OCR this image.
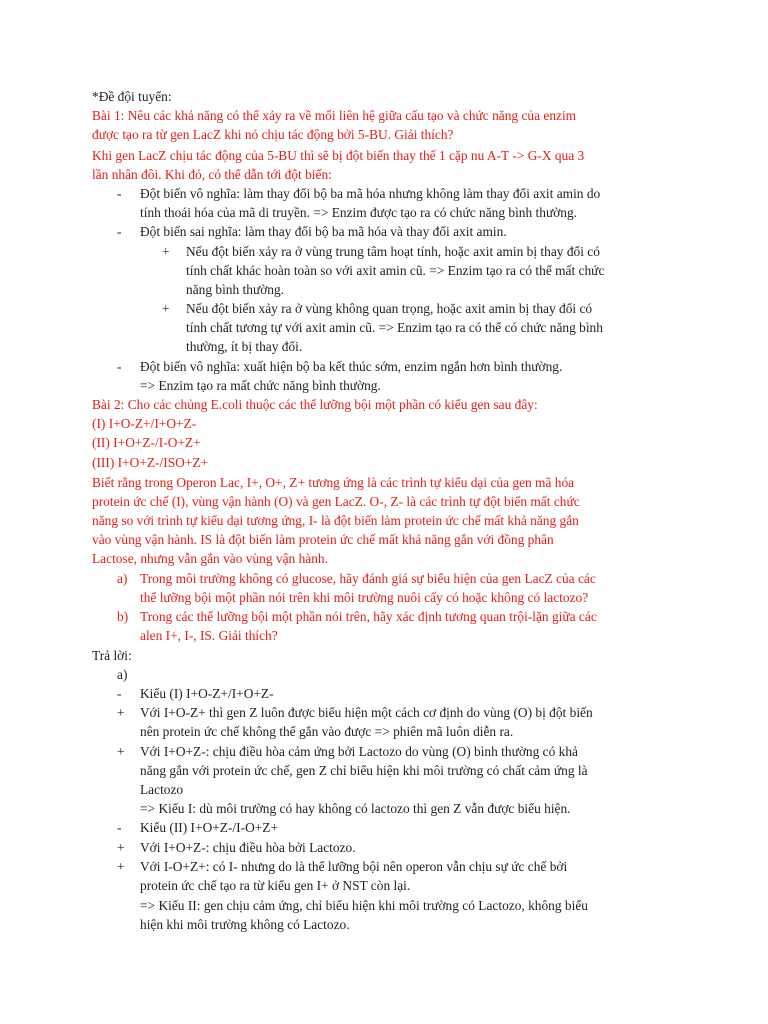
*Đề đội tuyển:
Bài 1: Nêu các khả năng có thể xảy ra về mối liên hệ giữa cấu tạo và chức năng của enzim
được tạo ra từ gen LacZ khi nó chịu tác động bởi 5-BU. Giải thích?
Khi gen LacZ chịu tác động của 5-BU thì sẽ bị đột biến thay thế 1 cặp nu A-T -> G-X qua 3
lần nhân đôi. Khi đó, có thể dẫn tới đột biến:
- Đột biến vô nghĩa: làm thay đổi bộ ba mã hóa nhưng không làm thay đổi axit amin do
tính thoái hóa của mã di truyền. => Enzim được tạo ra có chức năng bình thường.
- Đột biến sai nghĩa: làm thay đổi bộ ba mã hóa và thay đổi axit amin.
+ Nếu đột biến xảy ra ở vùng trung tâm hoạt tính, hoặc axit amin bị thay đổi có
tính chất khác hoàn toàn so với axit amin cũ. => Enzim tạo ra có thể mất chức
năng bình thường.
+ Nếu đột biến xảy ra ở vùng không quan trọng, hoặc axit amin bị thay đổi có
tính chất tương tự với axit amin cũ. => Enzim tạo ra có thể có chức năng bình
thường, ít bị thay đổi.
- Đột biến vô nghĩa: xuất hiện bộ ba kết thúc sớm, enzim ngắn hơn bình thường.
=> Enzim tạo ra mất chức năng bình thường.
Bài 2: Cho các chủng E.coli thuộc các thể lưỡng bội một phần có kiểu gen sau đây:
(I) I+O-Z+/I+O+Z-
(II) I+O+Z-/I-O+Z+
(III) I+O+Z-/ISO+Z+
Biết rằng trong Operon Lac, I+, O+, Z+ tương ứng là các trình tự kiểu dại của gen mã hóa
protein ức chế (I), vùng vận hành (O) và gen LacZ. O-, Z- là các trình tự đột biến mất chức
năng so với trình tự kiểu dại tương ứng, I- là đột biến làm protein ức chế mất khả năng gắn
vào vùng vận hành. IS là đột biến làm protein ức chế mất khả năng gắn với đồng phân
Lactose, nhưng vẫn gắn vào vùng vận hành.
a) Trong môi trường không có glucose, hãy đánh giá sự biểu hiện của gen LacZ của các
thể lưỡng bội một phần nói trên khi môi trường nuôi cấy có hoặc không có lactozo?
b) Trong các thể lưỡng bội một phần nói trên, hãy xác định tương quan trội-lặn giữa các
alen I+, I-, IS. Giải thích?
Trả lời:
a)
- Kiểu (I) I+O-Z+/I+O+Z-
+ Với I+O-Z+ thì gen Z luôn được biểu hiện một cách cơ định do vùng (O) bị đột biến
nên protein ức chế không thể gắn vào được => phiên mã luôn diễn ra.
+ Với I+O+Z-: chịu điều hòa cảm ứng bởi Lactozo do vùng (O) bình thường có khả
năng gắn với protein ức chế, gen Z chỉ biểu hiện khi môi trường có chất cảm ứng là
Lactozo
=> Kiểu I: dù môi trường có hay không có lactozo thì gen Z vẫn được biểu hiện.
- Kiểu (II) I+O+Z-/I-O+Z+
+ Với I+O+Z-: chịu điều hòa bởi Lactozo.
+ Với I-O+Z+: có I- nhưng do là thể lưỡng bội nên operon vẫn chịu sự ức chế bởi
protein ức chế tạo ra từ kiểu gen I+ ở NST còn lại.
=> Kiểu II: gen chịu cảm ứng, chỉ biểu hiện khi môi trường có Lactozo, không biểu
hiện khi môi trường không có Lactozo.
